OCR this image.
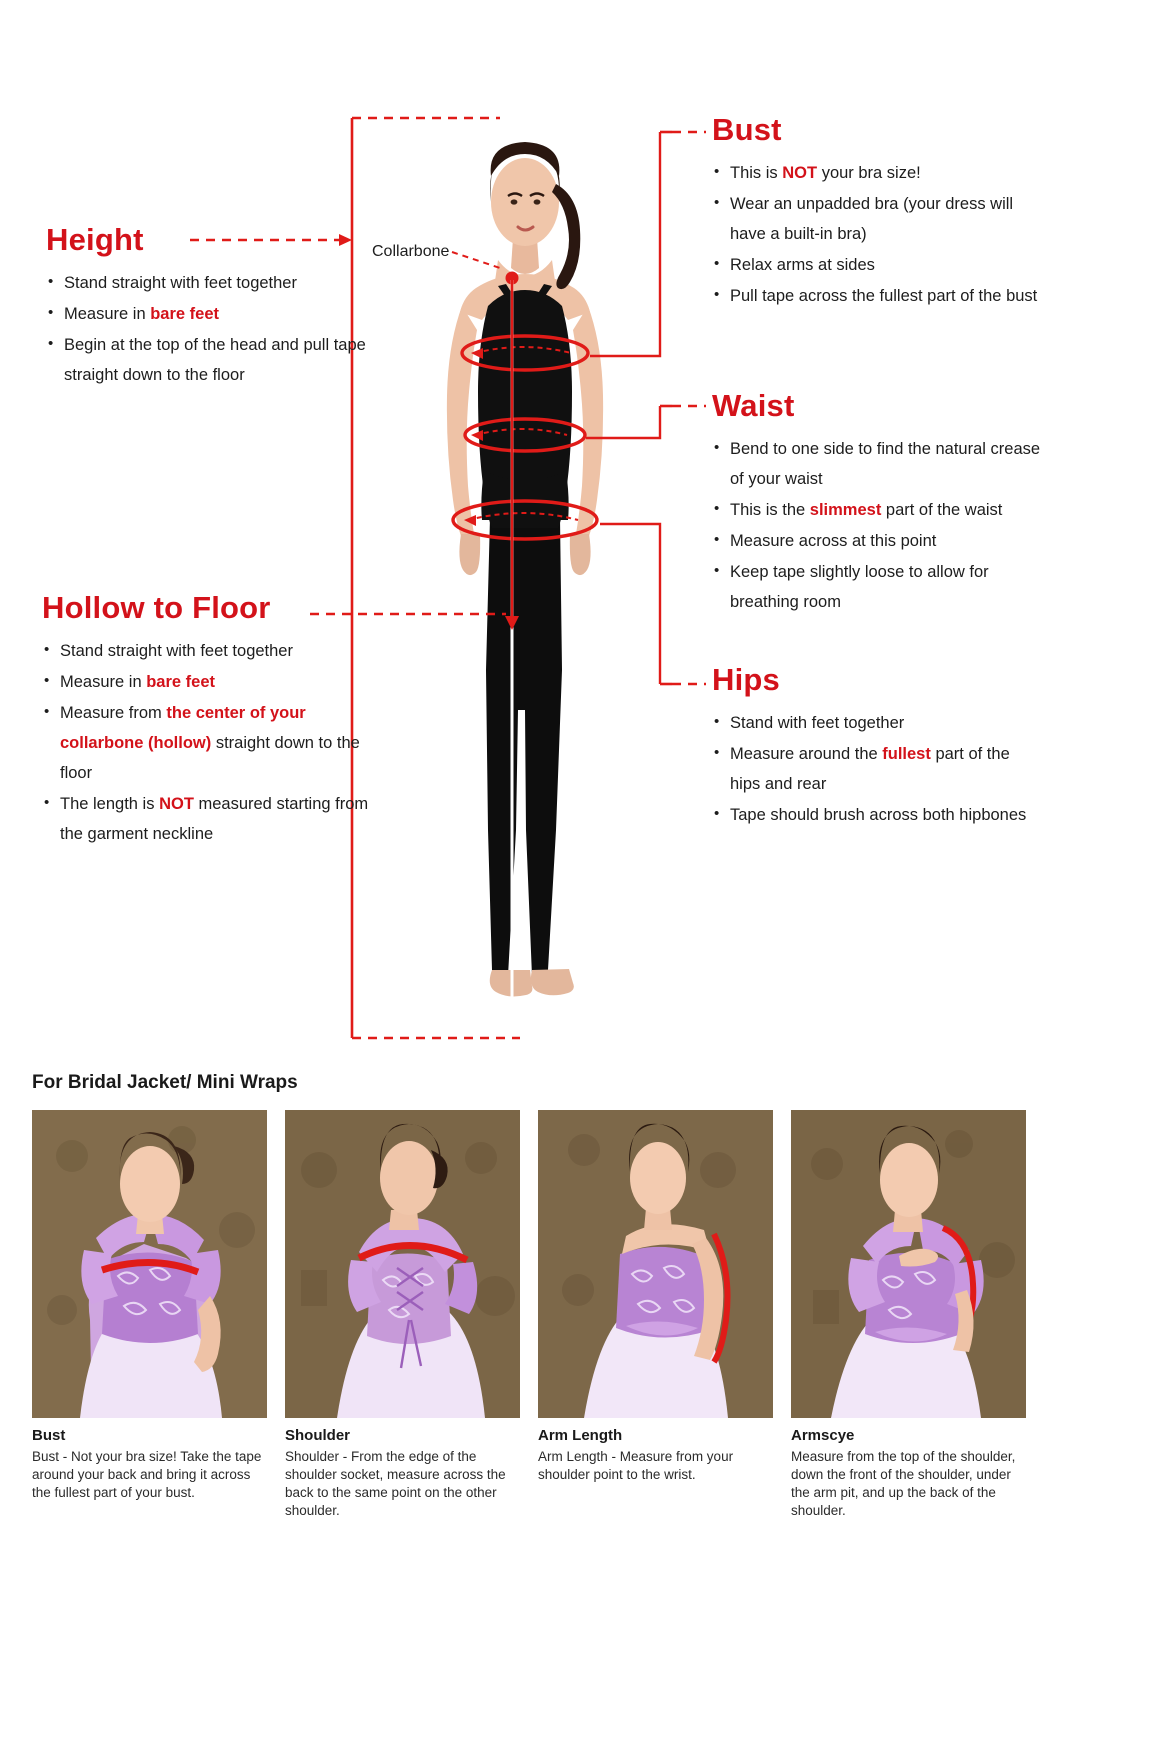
Collarbone
Height
• Stand straight with feet together
• Measure in bare feet
• Begin at the top of the head and pull tape straight down to the floor
Hollow to Floor
• Stand straight with feet together
• Measure in bare feet
• Measure from the center of your collarbone (hollow) straight down to the floor
• The length is NOT measured starting from the garment neckline
Bust
• This is NOT your bra size!
• Wear an unpadded bra (your dress will have a built-in bra)
• Relax arms at sides
• Pull tape across the fullest part of the bust
Waist
• Bend to one side to find the natural crease of your waist
• This is the slimmest part of the waist
• Measure across at this point
• Keep tape slightly loose to allow for breathing room
Hips
• Stand with feet together
• Measure around the fullest part of the hips and rear
• Tape should brush across both hipbones
For Bridal Jacket/ Mini Wraps
Bust
Bust - Not your bra size! Take the tape around your back and bring it across the fullest part of your bust.
Shoulder
Shoulder - From the edge of the shoulder socket, measure across the back to the same point on the other shoulder.
Arm Length
Arm Length - Measure from your shoulder point to the wrist.
Armscye
Measure from the top of the shoulder, down the front of the shoulder, under the arm pit, and up the back of the shoulder.
